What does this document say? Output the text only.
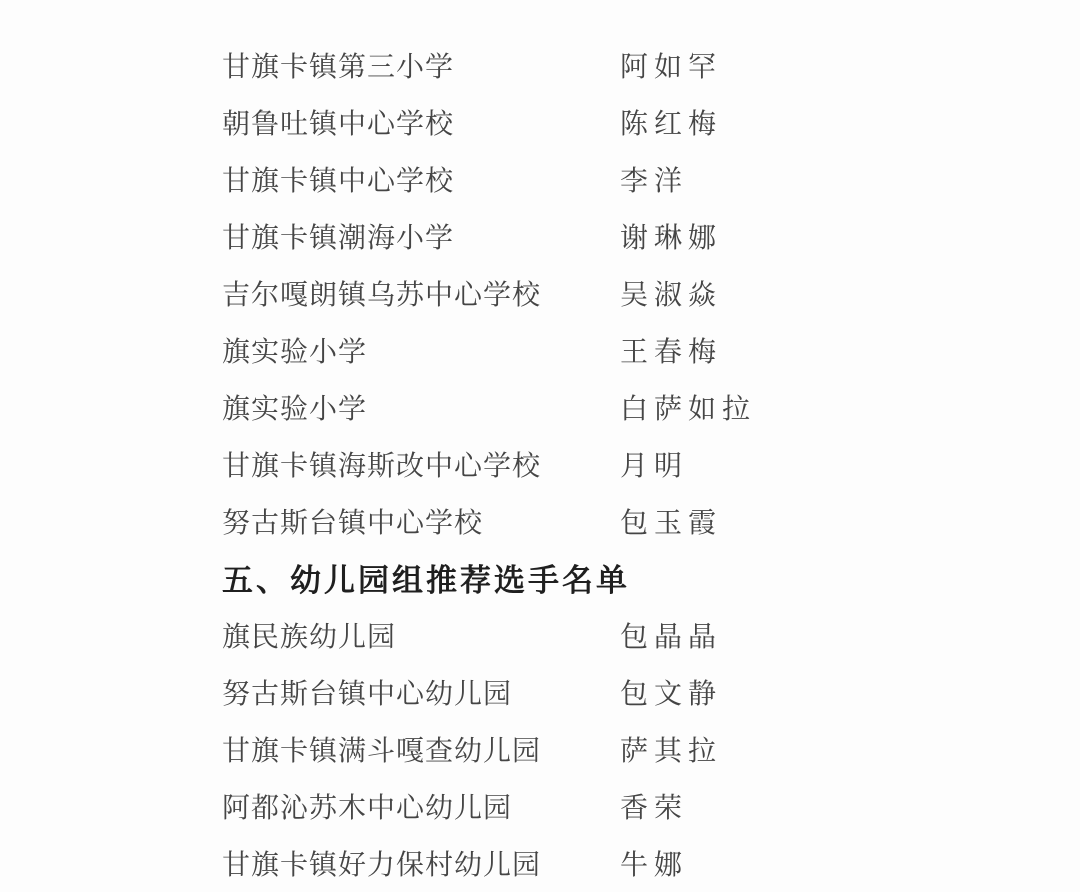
甘旗卡镇第三小学	阿如罕
朝鲁吐镇中心学校	陈红梅
甘旗卡镇中心学校	李洋
甘旗卡镇潮海小学	谢琳娜
吉尔嘎朗镇乌苏中心学校	吴淑焱
旗实验小学	王春梅
旗实验小学	白萨如拉
甘旗卡镇海斯改中心学校	月明
努古斯台镇中心学校	包玉霞
五、幼儿园组推荐选手名单
旗民族幼儿园	包晶晶
努古斯台镇中心幼儿园	包文静
甘旗卡镇满斗嘎查幼儿园	萨其拉
阿都沁苏木中心幼儿园	香荣
甘旗卡镇好力保村幼儿园	牛娜
